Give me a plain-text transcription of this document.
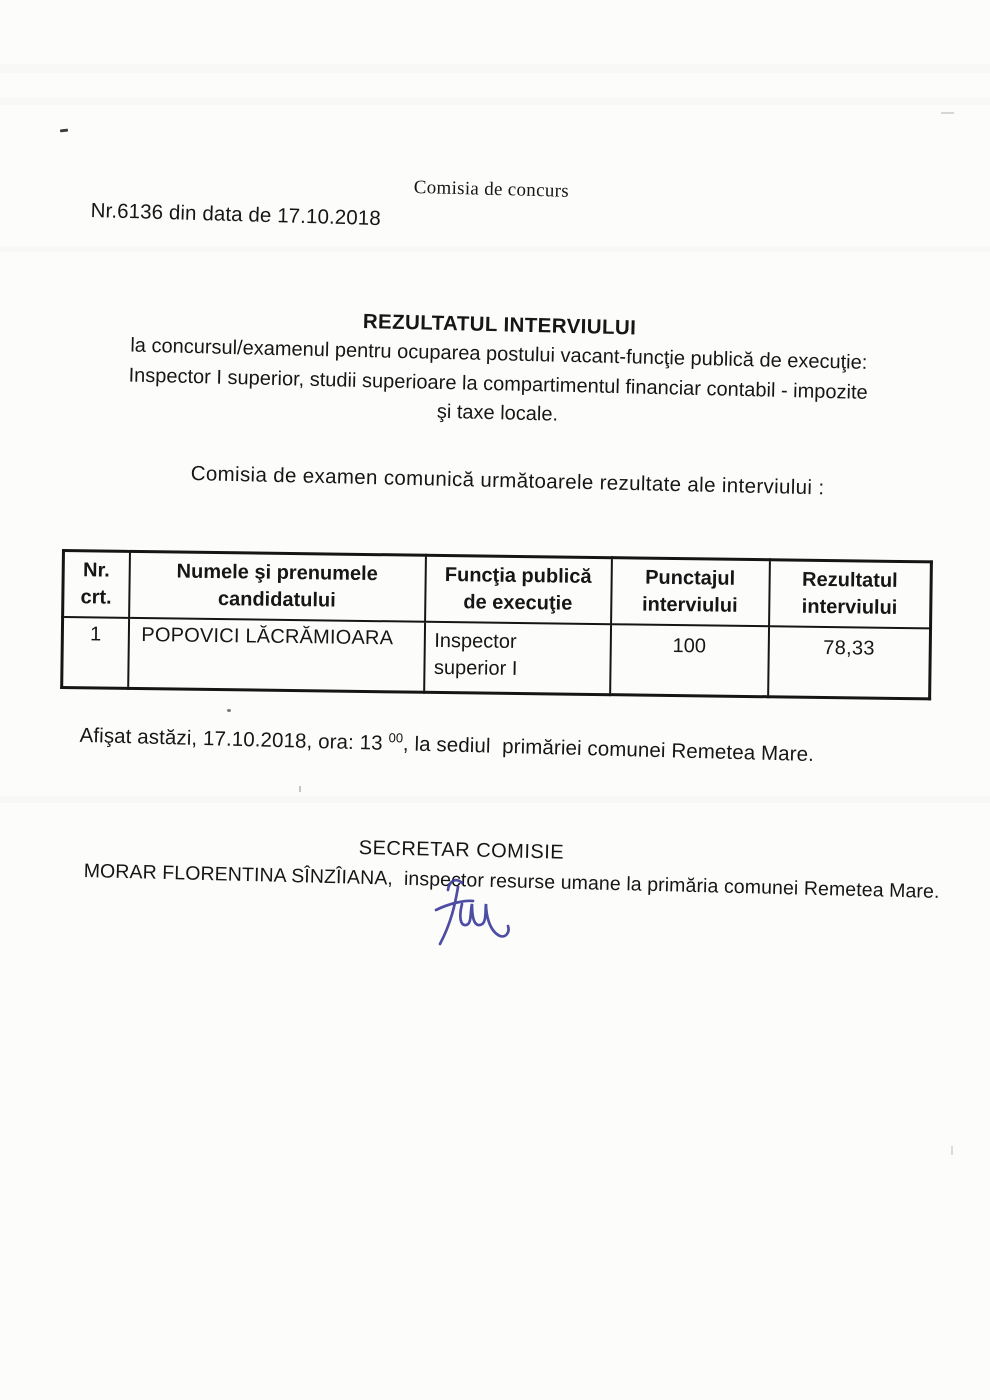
Comisia de concurs
Nr.6136 din data de 17.10.2018
REZULTATUL INTERVIULUI
la concursul/examenul pentru ocuparea postului vacant-funcţie publică de execuţie:
Inspector I superior, studii superioare la compartimentul financiar contabil - impozite
şi taxe locale.
Comisia de examen comunică următoarele rezultate ale interviului :
Nr. crt.	Numele şi prenumele candidatului	Funcţia publică de execuţie	Punctajul interviului	Rezultatul interviului
1	POPOVICI LĂCRĂMIOARA	Inspector superior I	100	78,33
Afişat astăzi, 17.10.2018, ora: 13 $^{00}$, la sediul  primăriei comunei Remetea Mare.
SECRETAR COMISIE
MORAR FLORENTINA SÎNZÎIANA,  inspector resurse umane la primăria comunei Remetea Mare.
